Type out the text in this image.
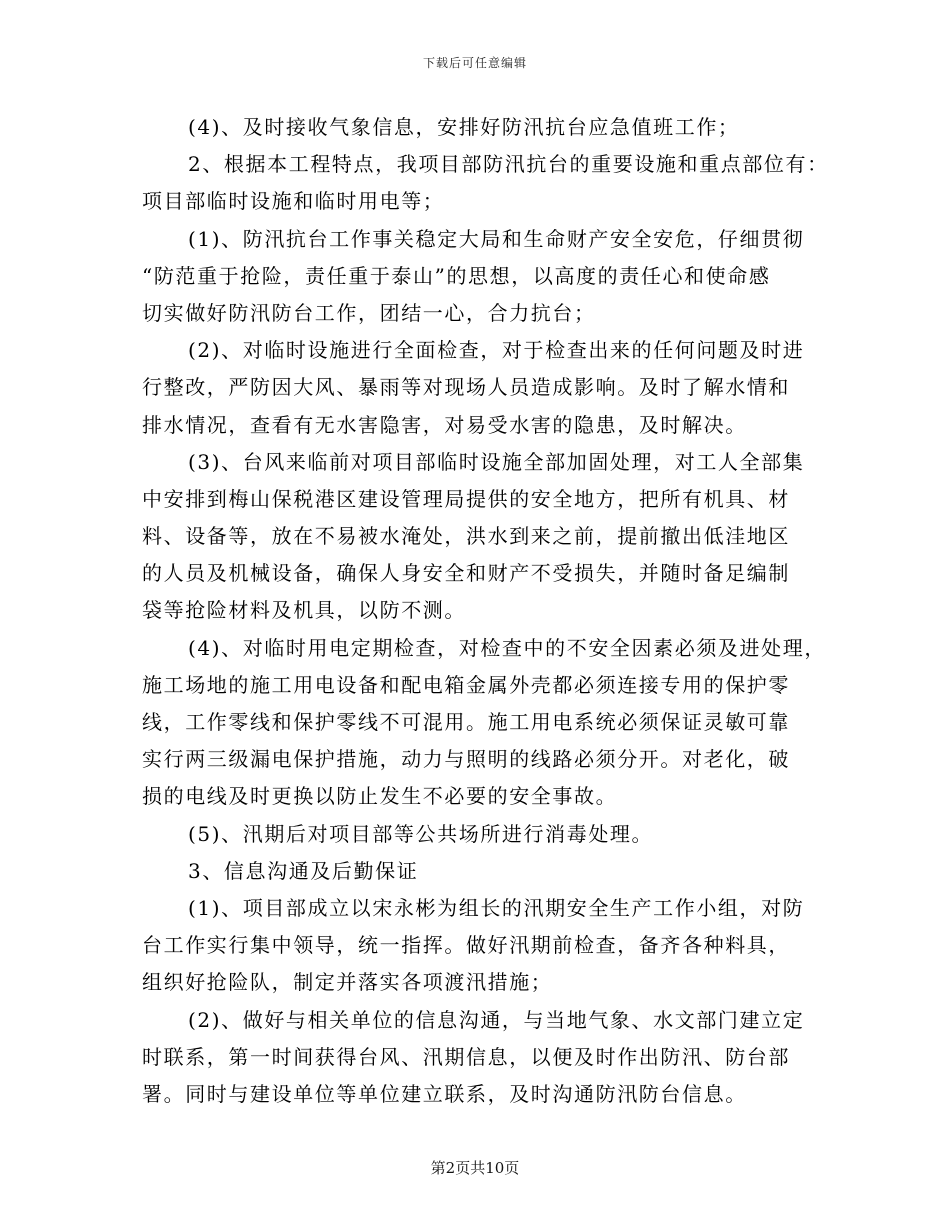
下载后可任意编辑
(4)、及时接收气象信息，安排好防汛抗台应急值班工作；
2、根据本工程特点，我项目部防汛抗台的重要设施和重点部位有：
项目部临时设施和临时用电等；
(1)、防汛抗台工作事关稳定大局和生命财产安全安危，仔细贯彻
“防范重于抢险，责任重于泰山”的思想，以高度的责任心和使命感
切实做好防汛防台工作，团结一心，合力抗台；
(2)、对临时设施进行全面检查，对于检查出来的任何问题及时进
行整改，严防因大风、暴雨等对现场人员造成影响。及时了解水情和
排水情况，查看有无水害隐害，对易受水害的隐患，及时解决。
(3)、台风来临前对项目部临时设施全部加固处理，对工人全部集
中安排到梅山保税港区建设管理局提供的安全地方，把所有机具、材
料、设备等，放在不易被水淹处，洪水到来之前，提前撤出低洼地区
的人员及机械设备，确保人身安全和财产不受损失，并随时备足编制
袋等抢险材料及机具，以防不测。
(4)、对临时用电定期检查，对检查中的不安全因素必须及进处理，
施工场地的施工用电设备和配电箱金属外壳都必须连接专用的保护零
线，工作零线和保护零线不可混用。施工用电系统必须保证灵敏可靠
实行两三级漏电保护措施，动力与照明的线路必须分开。对老化，破
损的电线及时更换以防止发生不必要的安全事故。
(5)、汛期后对项目部等公共场所进行消毒处理。
3、信息沟通及后勤保证
(1)、项目部成立以宋永彬为组长的汛期安全生产工作小组，对防
台工作实行集中领导，统一指挥。做好汛期前检查，备齐各种料具，
组织好抢险队，制定并落实各项渡汛措施；
(2)、做好与相关单位的信息沟通，与当地气象、水文部门建立定
时联系，第一时间获得台风、汛期信息，以便及时作出防汛、防台部
署。同时与建设单位等单位建立联系，及时沟通防汛防台信息。
第2页共10页
